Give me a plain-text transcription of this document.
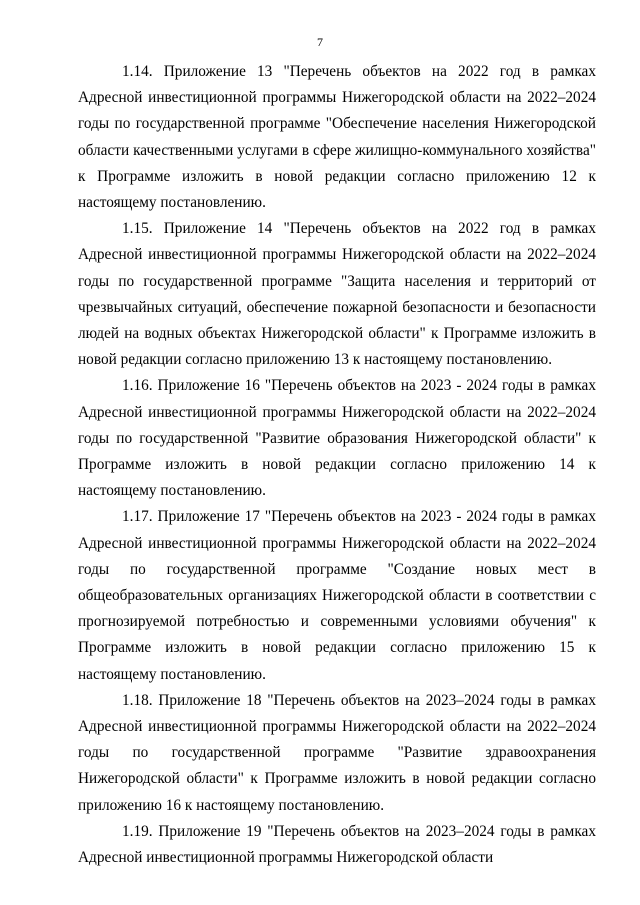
7

1.14. Приложение 13 "Перечень объектов на 2022 год в рамках Адресной инвестиционной программы Нижегородской области на 2022–2024 годы по государственной программе "Обеспечение населения Нижегородской области качественными услугами в сфере жилищно-коммунального хозяйства" к Программе изложить в новой редакции согласно приложению 12 к настоящему постановлению.

1.15. Приложение 14 "Перечень объектов на 2022 год в рамках Адресной инвестиционной программы Нижегородской области на 2022–2024 годы по государственной программе "Защита населения и территорий от чрезвычайных ситуаций, обеспечение пожарной безопасности и безопасности людей на водных объектах Нижегородской области" к Программе изложить в новой редакции согласно приложению 13 к настоящему постановлению.

1.16. Приложение 16 "Перечень объектов на 2023 - 2024 годы в рамках Адресной инвестиционной программы Нижегородской области на 2022–2024 годы по государственной "Развитие образования Нижегородской области" к Программе изложить в новой редакции согласно приложению 14 к настоящему постановлению.

1.17. Приложение 17 "Перечень объектов на 2023 - 2024 годы в рамках Адресной инвестиционной программы Нижегородской области на 2022–2024 годы по государственной программе "Создание новых мест в общеобразовательных организациях Нижегородской области в соответствии с прогнозируемой потребностью и современными условиями обучения" к Программе изложить в новой редакции согласно приложению 15 к настоящему постановлению.

1.18. Приложение 18 "Перечень объектов на 2023–2024 годы в рамках Адресной инвестиционной программы Нижегородской области на 2022–2024 годы по государственной программе "Развитие здравоохранения Нижегородской области" к Программе изложить в новой редакции согласно приложению 16 к настоящему постановлению.

1.19. Приложение 19 "Перечень объектов на 2023–2024 годы в рамках Адресной инвестиционной программы Нижегородской области
